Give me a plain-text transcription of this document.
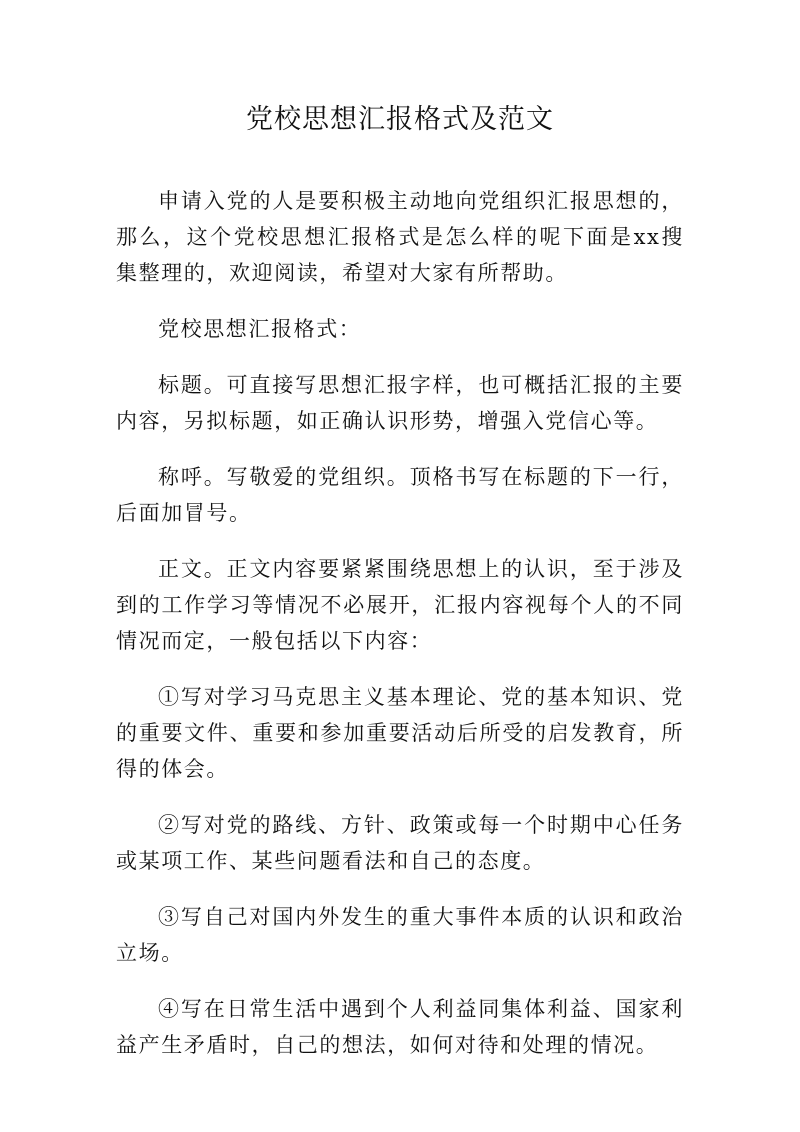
党校思想汇报格式及范文

申请入党的人是要积极主动地向党组织汇报思想的，那么，这个党校思想汇报格式是怎么样的呢下面是xx搜集整理的，欢迎阅读，希望对大家有所帮助。

党校思想汇报格式：

标题。可直接写思想汇报字样，也可概括汇报的主要内容，另拟标题，如正确认识形势，增强入党信心等。

称呼。写敬爱的党组织。顶格书写在标题的下一行，后面加冒号。

正文。正文内容要紧紧围绕思想上的认识，至于涉及到的工作学习等情况不必展开，汇报内容视每个人的不同情况而定，一般包括以下内容：

①写对学习马克思主义基本理论、党的基本知识、党的重要文件、重要和参加重要活动后所受的启发教育，所得的体会。

②写对党的路线、方针、政策或每一个时期中心任务或某项工作、某些问题看法和自己的态度。

③写自己对国内外发生的重大事件本质的认识和政治立场。

④写在日常生活中遇到个人利益同集体利益、国家利益产生矛盾时，自己的想法，如何对待和处理的情况。
